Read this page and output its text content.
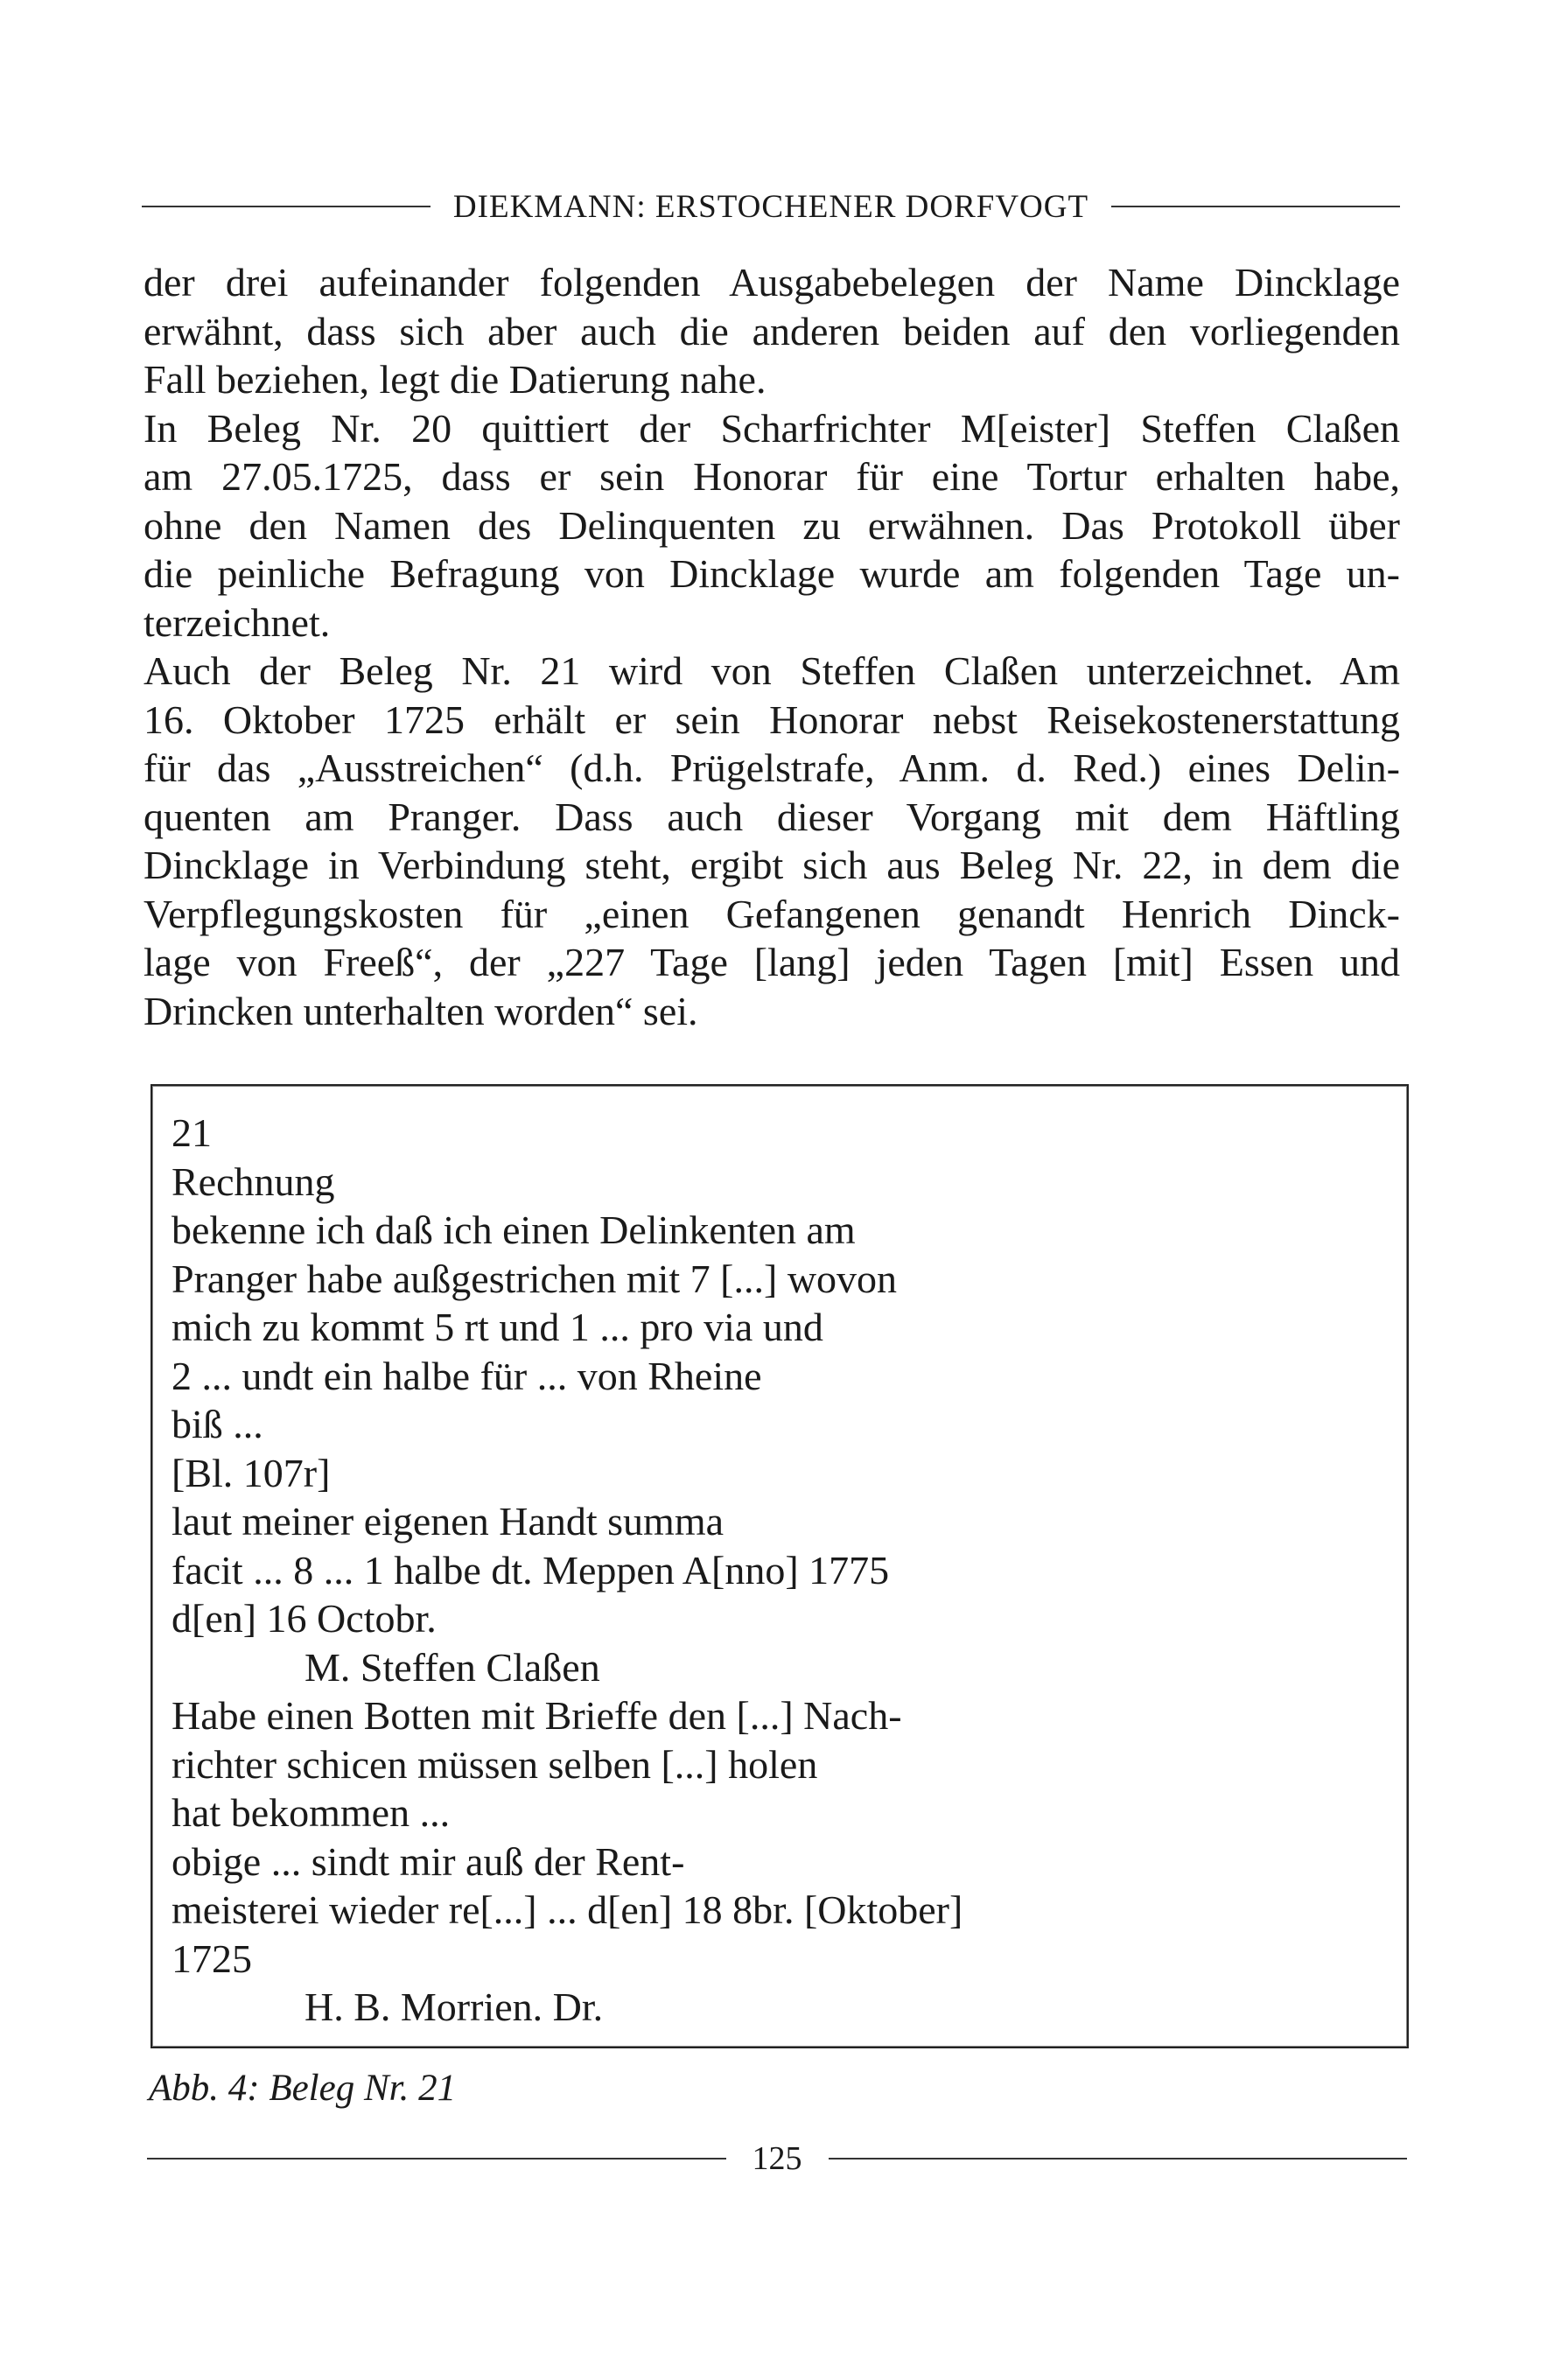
DIEKMANN: ERSTOCHENER DORFVOGT
der drei aufeinander folgenden Ausgabebelegen der Name Dincklage
erwähnt, dass sich aber auch die anderen beiden auf den vorliegenden
Fall beziehen, legt die Datierung nahe.
In Beleg Nr. 20 quittiert der Scharfrichter M[eister] Steffen Claßen
am 27.05.1725, dass er sein Honorar für eine Tortur erhalten habe,
ohne den Namen des Delinquenten zu erwähnen. Das Protokoll über
die peinliche Befragung von Dincklage wurde am folgenden Tage un-
terzeichnet.
Auch der Beleg Nr. 21 wird von Steffen Claßen unterzeichnet. Am
16. Oktober 1725 erhält er sein Honorar nebst Reisekostenerstattung
für das „Ausstreichen“ (d.h. Prügelstrafe, Anm. d. Red.) eines Delin-
quenten am Pranger. Dass auch dieser Vorgang mit dem Häftling
Dincklage in Verbindung steht, ergibt sich aus Beleg Nr. 22, in dem die
Verpflegungskosten für „einen Gefangenen genandt Henrich Dinck-
lage von Freeß“, der „227 Tage [lang] jeden Tagen [mit] Essen und
Drincken unterhalten worden“ sei.
21
Rechnung
bekenne ich daß ich einen Delinkenten am
Pranger habe außgestrichen mit 7 [...] wovon
mich zu kommt 5 rt und 1 ... pro via und
2 ... undt ein halbe für ... von Rheine
biß ...
[Bl. 107r]
laut meiner eigenen Handt summa
facit ... 8 ... 1 halbe dt. Meppen A[nno] 1775
d[en] 16 Octobr.
M. Steffen Claßen
Habe einen Botten mit Brieffe den [...] Nach-
richter schicen müssen selben [...] holen
hat bekommen ...
obige ... sindt mir auß der Rent-
meisterei wieder re[...] ... d[en] 18 8br. [Oktober]
1725
H. B. Morrien. Dr.
Abb. 4: Beleg Nr. 21
125
